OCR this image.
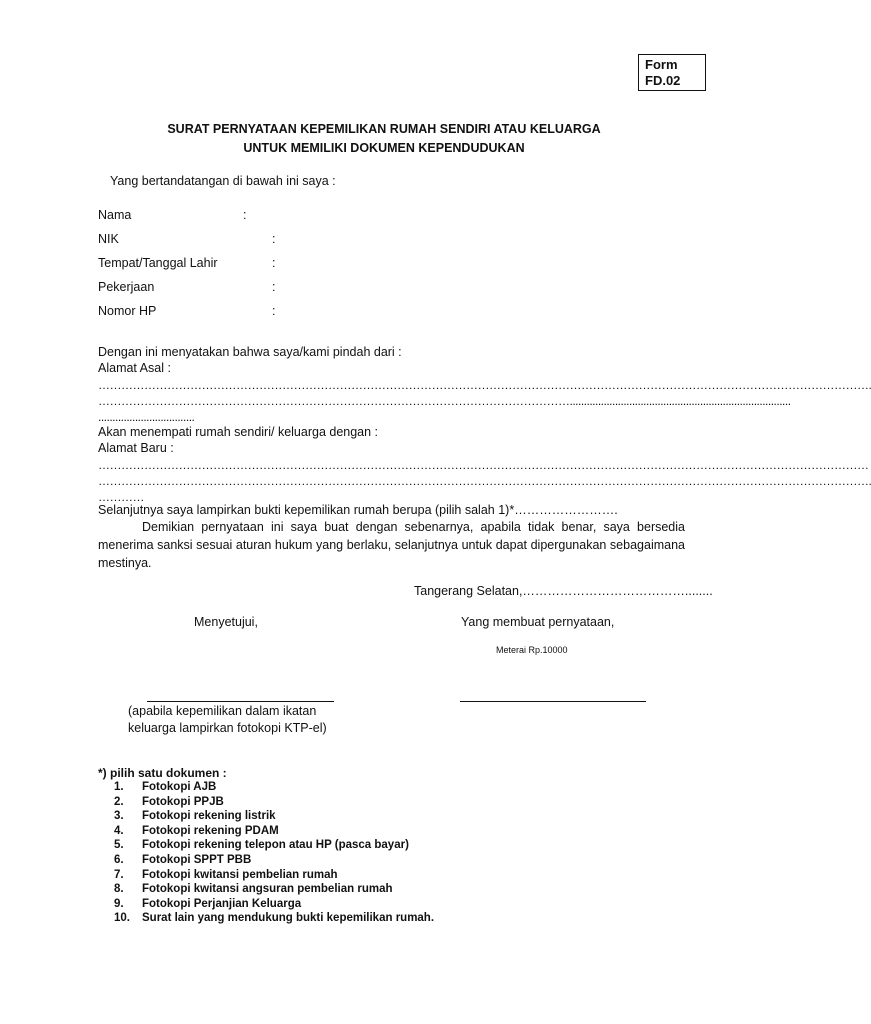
Form
FD.02
SURAT PERNYATAAN KEPEMILIKAN RUMAH SENDIRI ATAU KELUARGA
UNTUK MEMILIKI DOKUMEN KEPENDUDUKAN
Yang bertandatangan di bawah ini saya :
Nama	:
NIK	:
Tempat/Tanggal Lahir	:
Pekerjaan	:
Nomor HP	:
Dengan ini menyatakan bahwa saya/kami pindah dari :
Alamat Asal :
………………………………………………………………………………………………………………………………………………………………………………….
……………………………………………………………………………………………………………..............................................................................
..................................
Akan menempati rumah sendiri/ keluarga dengan :
Alamat Baru :
…………………………………………………………………………………………………………………………………………………………………………………
………………………………………………………………………………………………………………………………………………………………………………….
…………
Selanjutnya saya lampirkan bukti kepemilikan rumah berupa (pilih salah 1)*…………………….
Demikian pernyataan ini saya buat dengan sebenarnya, apabila tidak benar, saya bersedia menerima sanksi sesuai aturan hukum yang berlaku, selanjutnya untuk dapat dipergunakan sebagaimana mestinya.
Tangerang Selatan,…………………………………........
Menyetujui,	Yang membuat pernyataan,
Meterai Rp.10000
(apabila kepemilikan dalam ikatan
keluarga lampirkan fotokopi KTP-el)
*) pilih satu dokumen :
1. Fotokopi AJB
2. Fotokopi PPJB
3. Fotokopi rekening listrik
4. Fotokopi rekening PDAM
5. Fotokopi rekening telepon atau HP (pasca bayar)
6. Fotokopi SPPT PBB
7. Fotokopi kwitansi pembelian rumah
8. Fotokopi kwitansi angsuran pembelian rumah
9. Fotokopi Perjanjian Keluarga
10. Surat lain yang mendukung bukti kepemilikan rumah.
